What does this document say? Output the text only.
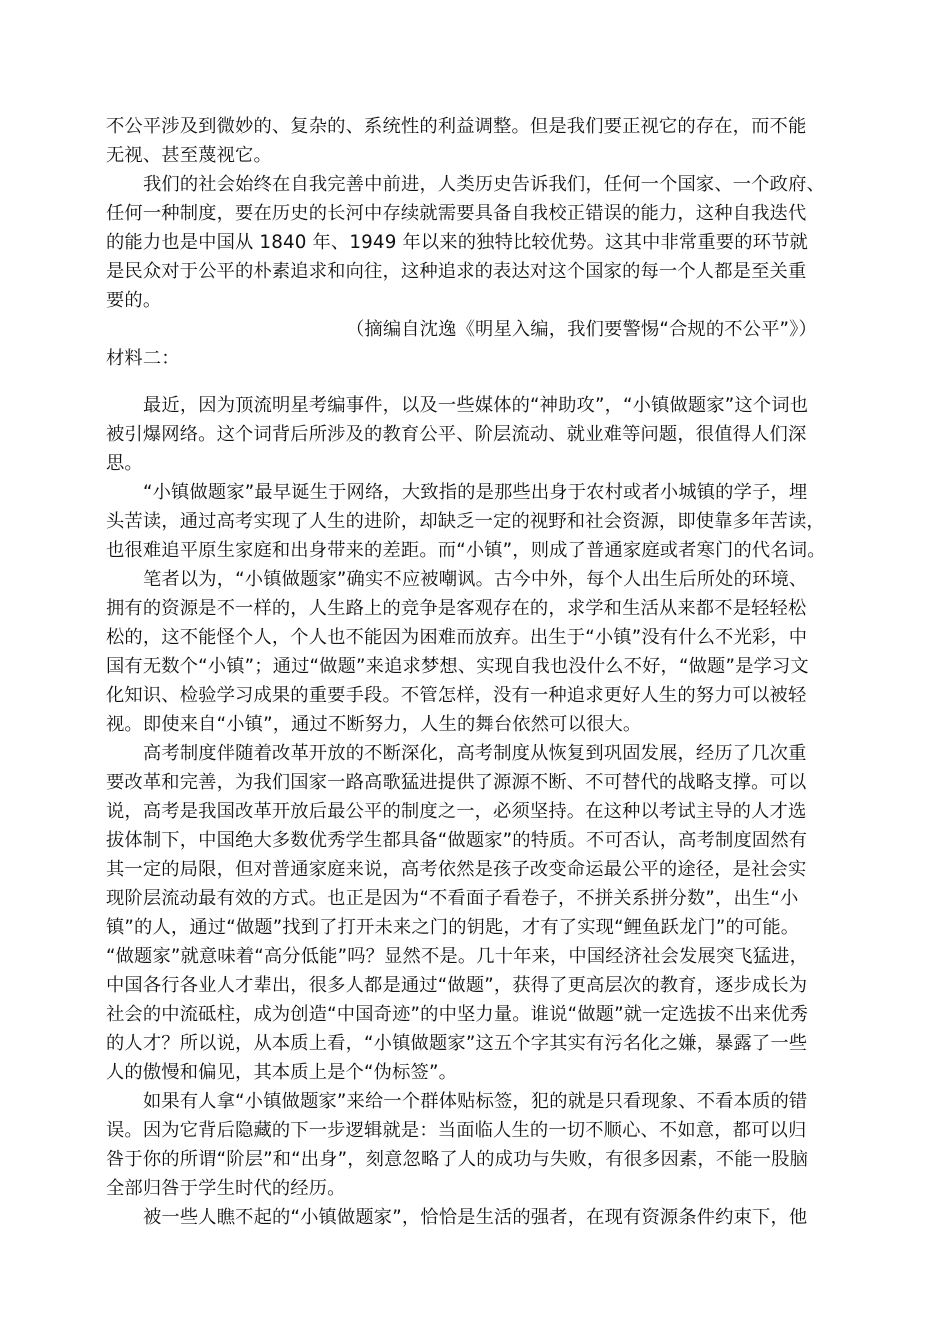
不公平涉及到微妙的、复杂的、系统性的利益调整。但是我们要正视它的存在，而不能
无视、甚至蔑视它。
我们的社会始终在自我完善中前进，人类历史告诉我们，任何一个国家、一个政府、
任何一种制度，要在历史的长河中存续就需要具备自我校正错误的能力，这种自我迭代
的能力也是中国从 1840 年、1949 年以来的独特比较优势。这其中非常重要的环节就
是民众对于公平的朴素追求和向往，这种追求的表达对这个国家的每一个人都是至关重
要的。
（摘编自沈逸《明星入编，我们要警惕“合规的不公平”》）
材料二：
最近，因为顶流明星考编事件，以及一些媒体的“神助攻”，“小镇做题家”这个词也
被引爆网络。这个词背后所涉及的教育公平、阶层流动、就业难等问题，很值得人们深
思。
“小镇做题家”最早诞生于网络，大致指的是那些出身于农村或者小城镇的学子，埋
头苦读，通过高考实现了人生的进阶，却缺乏一定的视野和社会资源，即使靠多年苦读，
也很难追平原生家庭和出身带来的差距。而“小镇”，则成了普通家庭或者寒门的代名词。
笔者以为，“小镇做题家”确实不应被嘲讽。古今中外，每个人出生后所处的环境、
拥有的资源是不一样的，人生路上的竞争是客观存在的，求学和生活从来都不是轻轻松
松的，这不能怪个人，个人也不能因为困难而放弃。出生于“小镇”没有什么不光彩，中
国有无数个“小镇”；通过“做题”来追求梦想、实现自我也没什么不好，“做题”是学习文
化知识、检验学习成果的重要手段。不管怎样，没有一种追求更好人生的努力可以被轻
视。即使来自“小镇”，通过不断努力，人生的舞台依然可以很大。
高考制度伴随着改革开放的不断深化，高考制度从恢复到巩固发展，经历了几次重
要改革和完善，为我们国家一路高歌猛进提供了源源不断、不可替代的战略支撑。可以
说，高考是我国改革开放后最公平的制度之一，必须坚持。在这种以考试主导的人才选
拔体制下，中国绝大多数优秀学生都具备“做题家”的特质。不可否认，高考制度固然有
其一定的局限，但对普通家庭来说，高考依然是孩子改变命运最公平的途径，是社会实
现阶层流动最有效的方式。也正是因为“不看面子看卷子，不拼关系拼分数”，出生“小
镇”的人，通过“做题”找到了打开未来之门的钥匙，才有了实现“鲤鱼跃龙门”的可能。
“做题家”就意味着“高分低能”吗？显然不是。几十年来，中国经济社会发展突飞猛进，
中国各行各业人才辈出，很多人都是通过“做题”，获得了更高层次的教育，逐步成长为
社会的中流砥柱，成为创造“中国奇迹”的中坚力量。谁说“做题”就一定选拔不出来优秀
的人才？所以说，从本质上看，“小镇做题家”这五个字其实有污名化之嫌，暴露了一些
人的傲慢和偏见，其本质上是个“伪标签”。
如果有人拿“小镇做题家”来给一个群体贴标签，犯的就是只看现象、不看本质的错
误。因为它背后隐藏的下一步逻辑就是：当面临人生的一切不顺心、不如意，都可以归
咎于你的所谓“阶层”和“出身”，刻意忽略了人的成功与失败，有很多因素，不能一股脑
全部归咎于学生时代的经历。
被一些人瞧不起的“小镇做题家”，恰恰是生活的强者，在现有资源条件约束下，他
